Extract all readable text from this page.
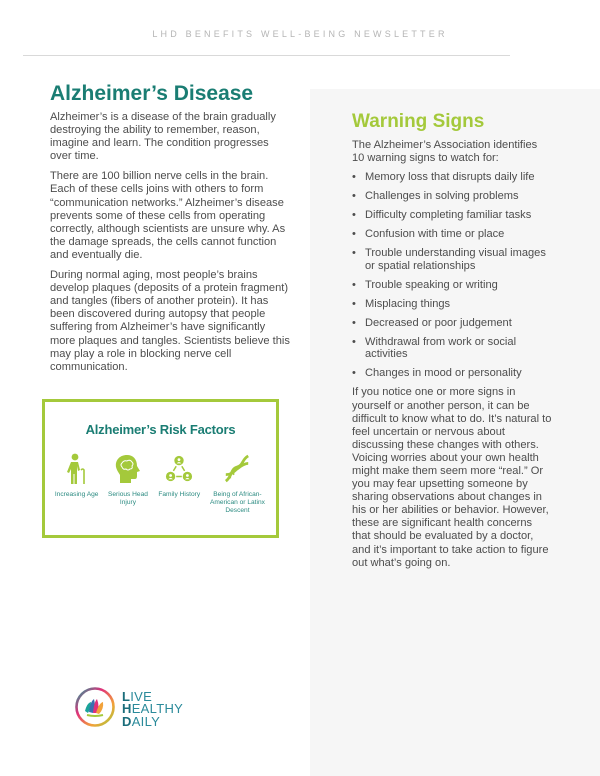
LHD BENEFITS WELL-BEING NEWSLETTER
Alzheimer’s Disease

Alzheimer’s is a disease of the brain gradually destroying the ability to remember, reason, imagine and learn. The condition progresses over time.

There are 100 billion nerve cells in the brain. Each of these cells joins with others to form “communication networks.” Alzheimer’s disease prevents some of these cells from operating correctly, although scientists are unsure why. As the damage spreads, the cells cannot function and eventually die.

During normal aging, most people’s brains develop plaques (deposits of a protein fragment) and tangles (fibers of another protein). It has been discovered during autopsy that people suffering from Alzheimer’s have significantly more plaques and tangles. Scientists believe this may play a role in blocking nerve cell communication.

Alzheimer’s Risk Factors
Increasing Age	Serious Head Injury
Family History	Being of African-American or Latinx Descent
Warning Signs

The Alzheimer’s Association identifies 10 warning signs to watch for:

• Memory loss that disrupts daily life
• Challenges in solving problems
• Difficulty completing familiar tasks
• Confusion with time or place
• Trouble understanding visual images or spatial relationships
• Trouble speaking or writing
• Misplacing things
• Decreased or poor judgement
• Withdrawal from work or social activities
• Changes in mood or personality

If you notice one or more signs in yourself or another person, it can be difficult to know what to do. It’s natural to feel uncertain or nervous about discussing these changes with others. Voicing worries about your own health might make them seem more “real.” Or you may fear upsetting someone by sharing observations about changes in his or her abilities or behavior. However, these are significant health concerns that should be evaluated by a doctor, and it’s important to take action to figure out what’s going on.

LIVE
HEALTHY
DAILY
